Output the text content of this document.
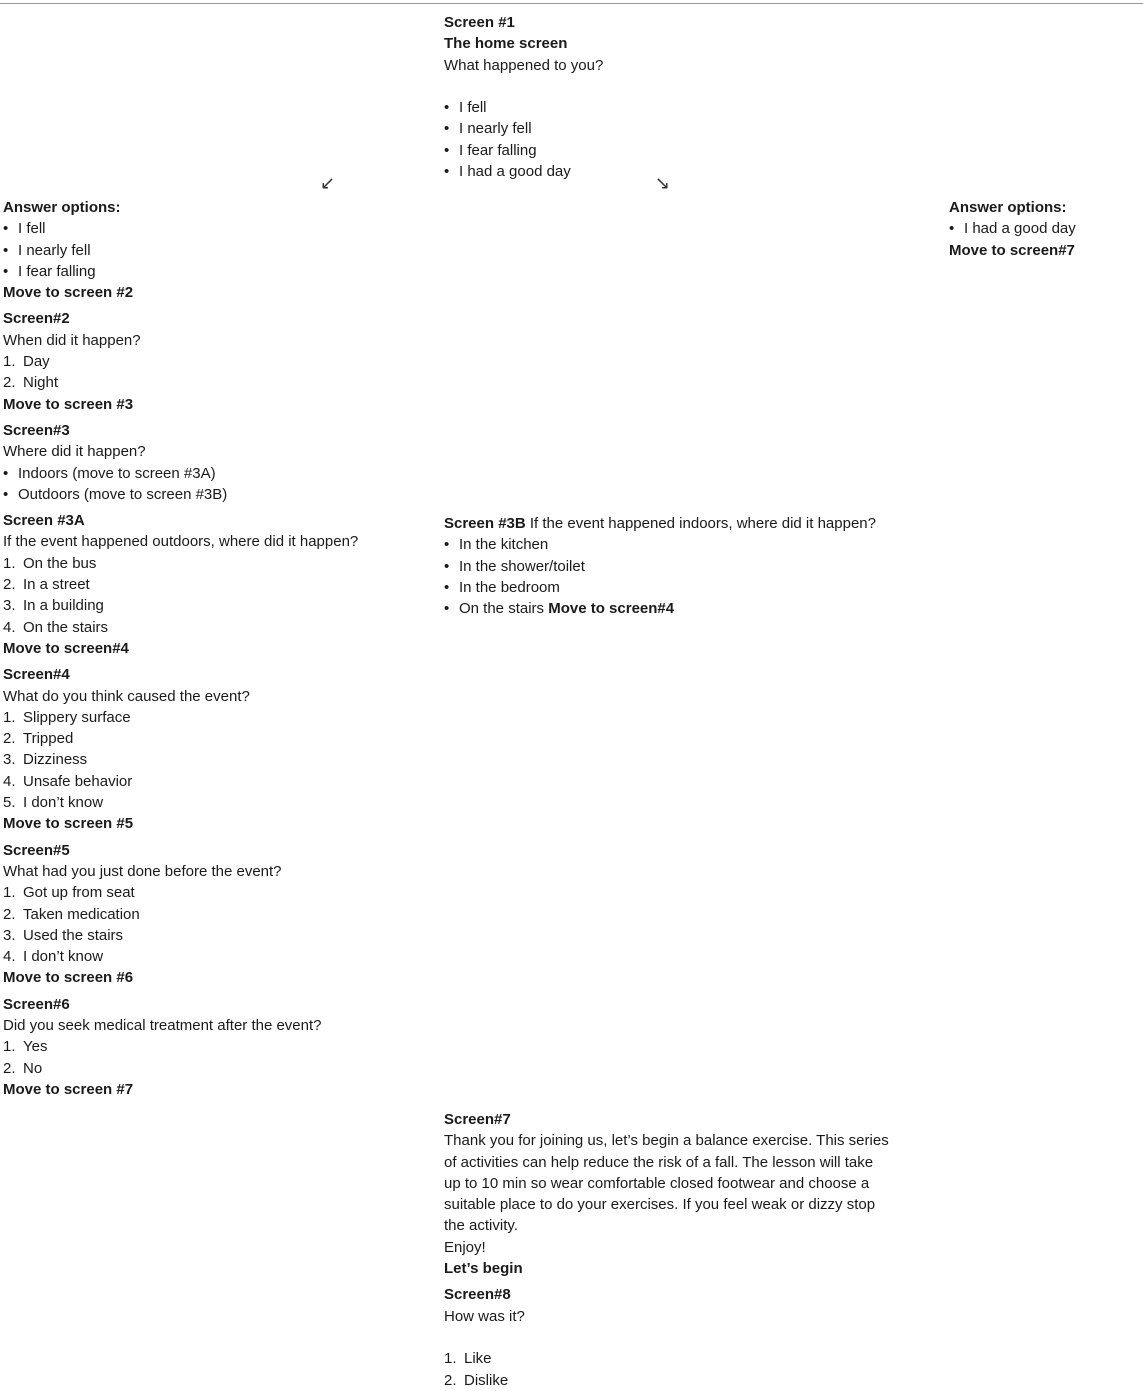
Screen #1
The home screen
What happened to you?
• I fell
• I nearly fell
• I fear falling
• I had a good day
↙	↘
Answer options:
• I fell
• I nearly fell
• I fear falling
Move to screen #2
Screen#2
When did it happen?
1. Day
2. Night
Move to screen #3
Screen#3
Where did it happen?
• Indoors (move to screen #3A)
• Outdoors (move to screen #3B)
Screen #3A
If the event happened outdoors, where did it happen?
1. On the bus
2. In a street
3. In a building
4. On the stairs
Move to screen#4
Screen#4
What do you think caused the event?
1. Slippery surface
2. Tripped
3. Dizziness
4. Unsafe behavior
5. I don’t know
Move to screen #5
Screen#5
What had you just done before the event?
1. Got up from seat
2. Taken medication
3. Used the stairs
4. I don’t know
Move to screen #6
Screen#6
Did you seek medical treatment after the event?
1. Yes
2. No
Move to screen #7
Answer options:
• I had a good day
Move to screen#7
Screen #3B If the event happened indoors, where did it happen?
• In the kitchen
• In the shower/toilet
• In the bedroom
• On the stairs Move to screen#4
Screen#7
Thank you for joining us, let’s begin a balance exercise. This series
of activities can help reduce the risk of a fall. The lesson will take
up to 10 min so wear comfortable closed footwear and choose a
suitable place to do your exercises. If you feel weak or dizzy stop
the activity.
Enjoy!
Let’s begin
Screen#8
How was it?
1. Like
2. Dislike
